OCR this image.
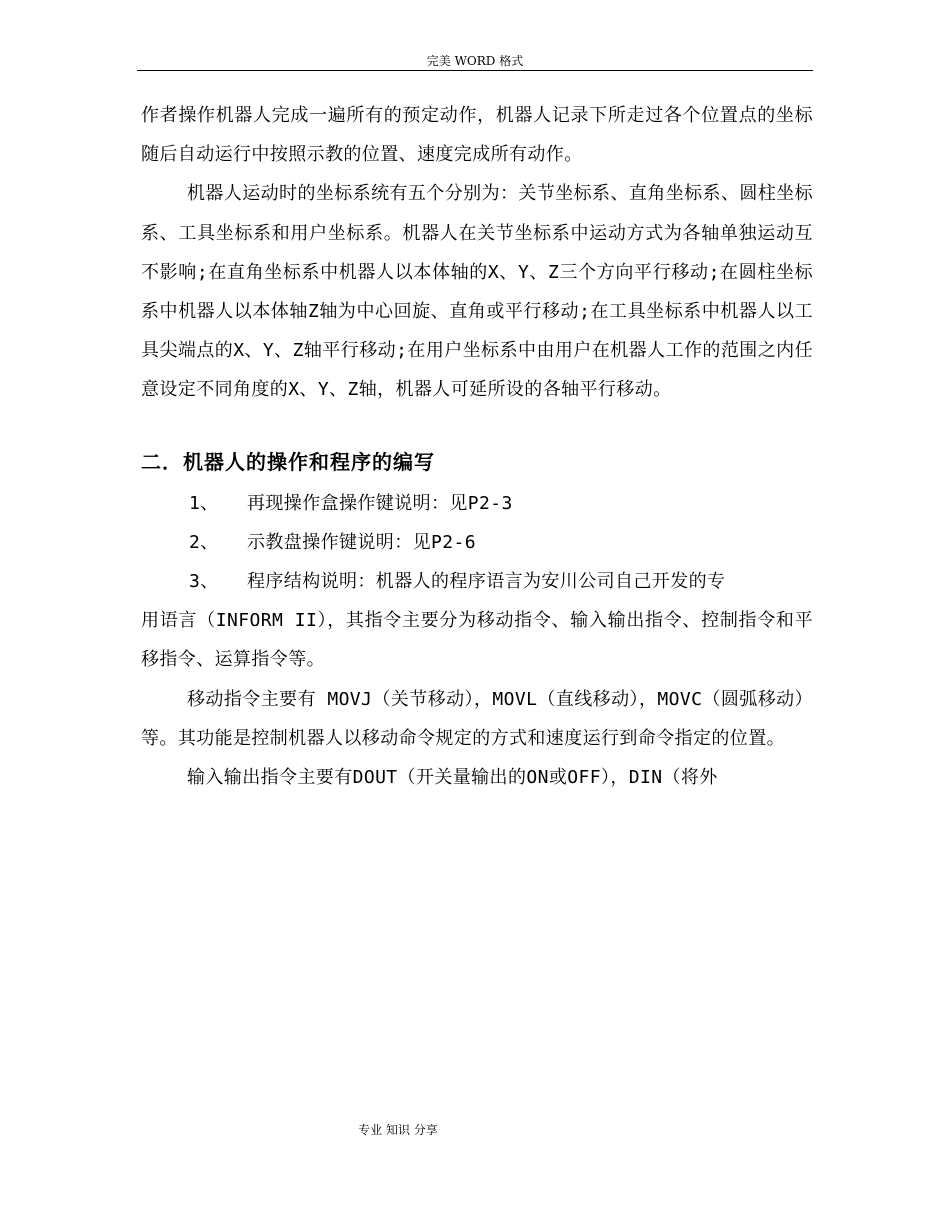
完美 WORD 格式

作者操作机器人完成一遍所有的预定动作，机器人记录下所走过各个位置点的坐标随后自动运行中按照示教的位置、速度完成所有动作。

机器人运动时的坐标系统有五个分别为：关节坐标系、直角坐标系、圆柱坐标系、工具坐标系和用户坐标系。机器人在关节坐标系中运动方式为各轴单独运动互不影响;在直角坐标系中机器人以本体轴的X、Y、Z三个方向平行移动;在圆柱坐标系中机器人以本体轴Z轴为中心回旋、直角或平行移动;在工具坐标系中机器人以工具尖端点的X、Y、Z轴平行移动;在用户坐标系中由用户在机器人工作的范围之内任意设定不同角度的X、Y、Z轴，机器人可延所设的各轴平行移动。

二．机器人的操作和程序的编写
1、	再现操作盒操作键说明：见P2-3
2、	示教盘操作键说明：见P2-6
3、	程序结构说明：机器人的程序语言为安川公司自己开发的专

用语言（INFORM II），其指令主要分为移动指令、输入输出指令、控制指令和平移指令、运算指令等。

移动指令主要有 MOVJ（关节移动），MOVL（直线移动），MOVC（圆弧移动）等。其功能是控制机器人以移动命令规定的方式和速度运行到命令指定的位置。

输入输出指令主要有DOUT（开关量输出的ON或OFF），DIN（将外

专业 知识 分享
